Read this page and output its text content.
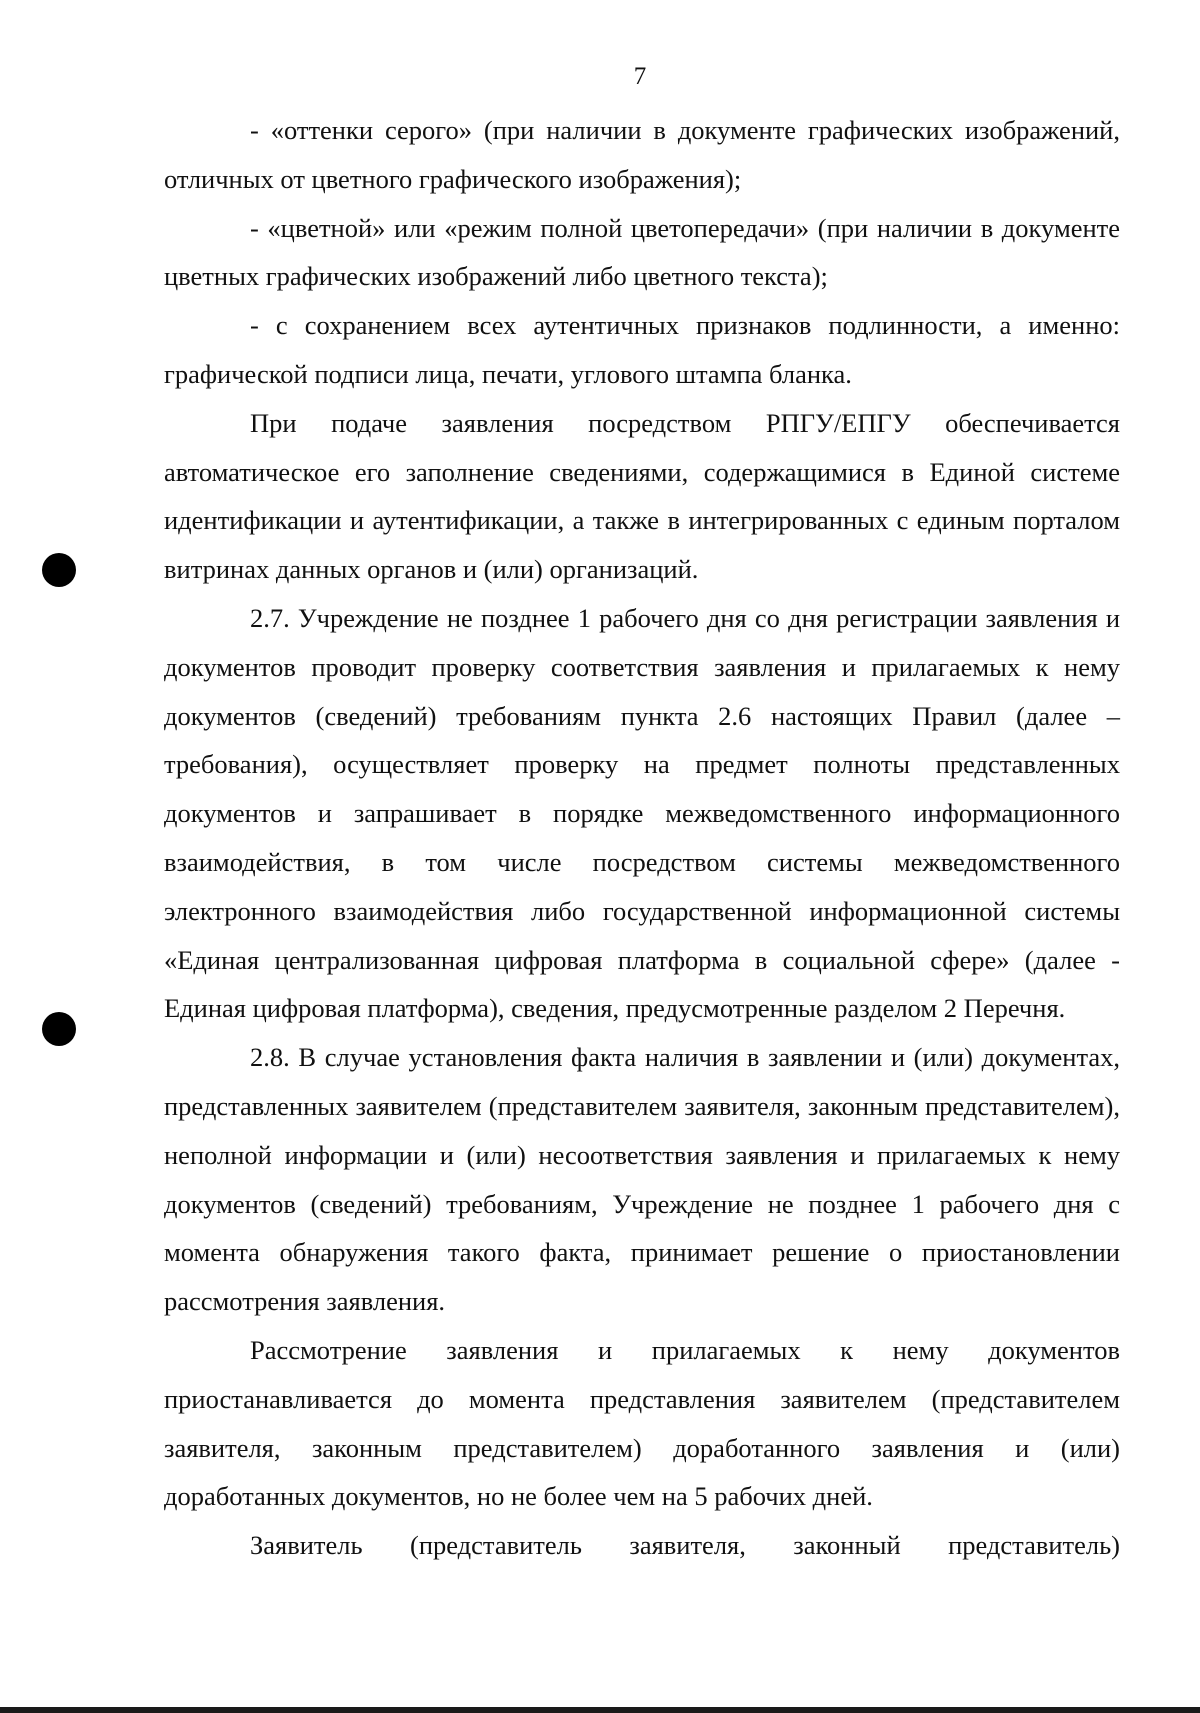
7

- «оттенки серого» (при наличии в документе графических изображений, отличных от цветного графического изображения);

- «цветной» или «режим полной цветопередачи» (при наличии в документе цветных графических изображений либо цветного текста);

- с сохранением всех аутентичных признаков подлинности, а именно: графической подписи лица, печати, углового штампа бланка.

При подаче заявления посредством РПГУ/ЕПГУ обеспечивается автоматическое его заполнение сведениями, содержащимися в Единой системе идентификации и аутентификации, а также в интегрированных с единым порталом витринах данных органов и (или) организаций.

2.7. Учреждение не позднее 1 рабочего дня со дня регистрации заявления и документов проводит проверку соответствия заявления и прилагаемых к нему документов (сведений) требованиям пункта 2.6 настоящих Правил (далее – требования), осуществляет проверку на предмет полноты представленных документов и запрашивает в порядке межведомственного информационного взаимодействия, в том числе посредством системы межведомственного электронного взаимодействия либо государственной информационной системы «Единая централизованная цифровая платформа в социальной сфере» (далее - Единая цифровая платформа), сведения, предусмотренные разделом 2 Перечня.

2.8. В случае установления факта наличия в заявлении и (или) документах, представленных заявителем (представителем заявителя, законным представителем), неполной информации и (или) несоответствия заявления и прилагаемых к нему документов (сведений) требованиям, Учреждение не позднее 1 рабочего дня с момента обнаружения такого факта, принимает решение о приостановлении рассмотрения заявления.

Рассмотрение заявления и прилагаемых к нему документов приостанавливается до момента представления заявителем (представителем заявителя, законным представителем) доработанного заявления и (или) доработанных документов, но не более чем на 5 рабочих дней.

Заявитель (представитель заявителя, законный представитель)
